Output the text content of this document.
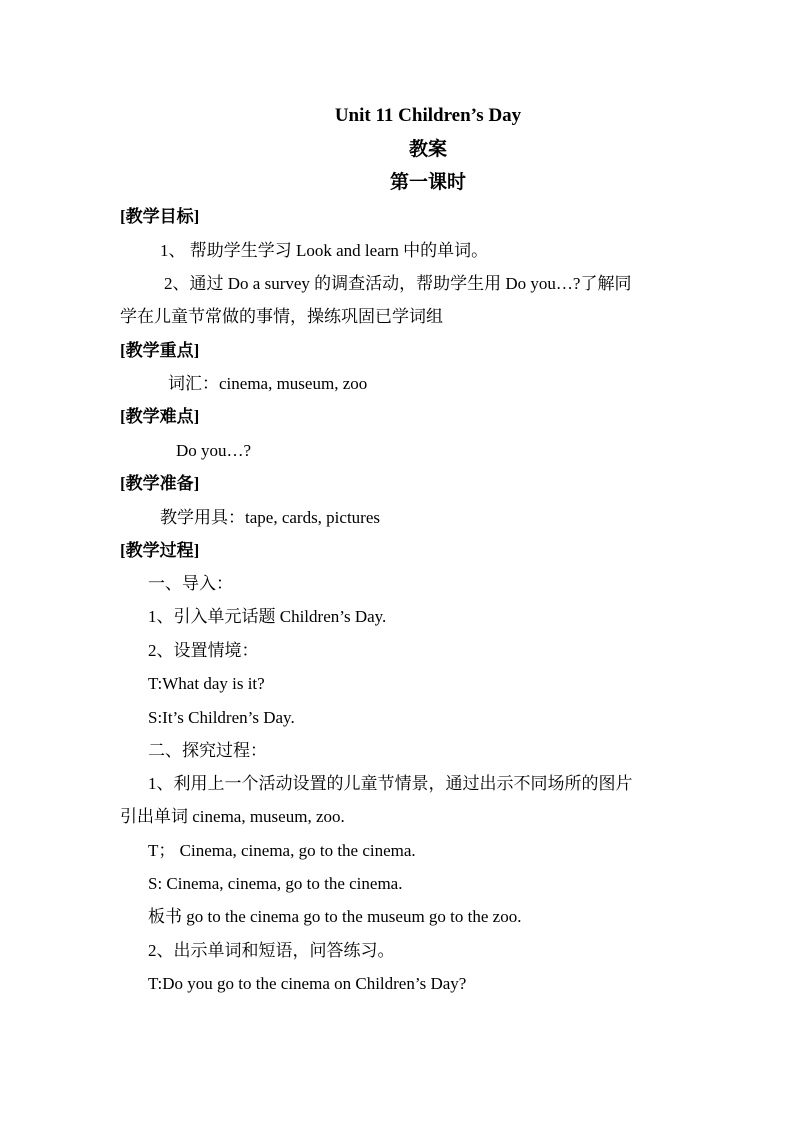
Unit 11 Children’s Day
教案
第一课时
[教学目标]
1、 帮助学生学习 Look and learn 中的单词。
2、通过 Do a survey 的调查活动，帮助学生用 Do you…?了解同
学在儿童节常做的事情，操练巩固已学词组
[教学重点]
词汇：cinema, museum, zoo
[教学难点]
Do you…?
[教学准备]
教学用具：tape, cards, pictures
[教学过程]
一、导入：
1、引入单元话题 Children’s Day.
2、设置情境：
T:What day is it?
S:It’s Children’s Day.
二、探究过程：
1、利用上一个活动设置的儿童节情景，通过出示不同场所的图片
引出单词 cinema, museum, zoo.
T； Cinema, cinema, go to the cinema.
S: Cinema, cinema, go to the cinema.
板书 go to the cinema go to the museum go to the zoo.
2、出示单词和短语，问答练习。
T:Do you go to the cinema on Children’s Day?
